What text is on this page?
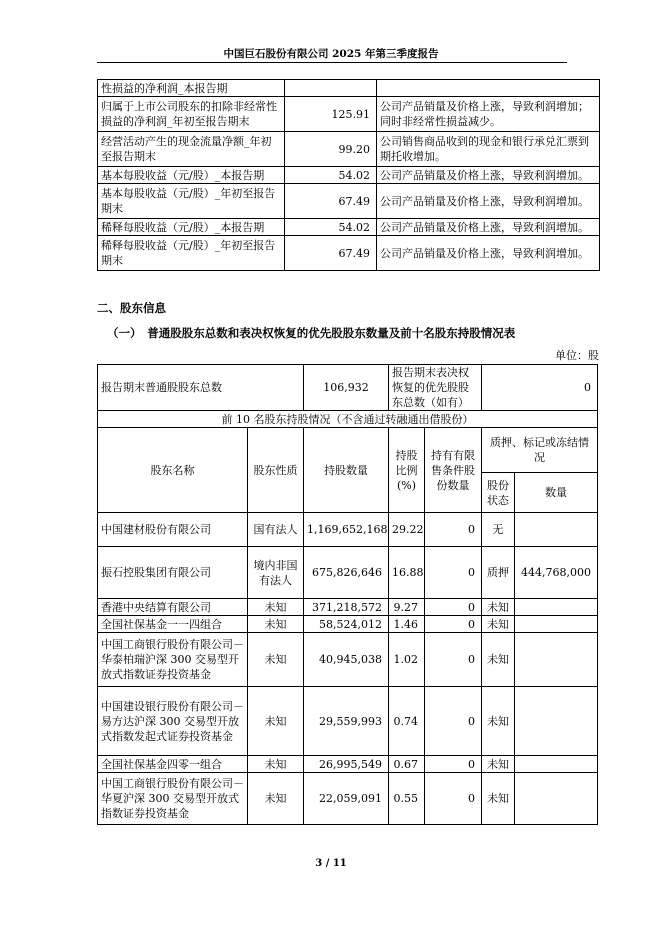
中国巨石股份有限公司 2025 年第三季度报告
性损益的净利润_本报告期		
归属于上市公司股东的扣除非经常性损益的净利润_年初至报告期末	125.91	公司产品销量及价格上涨，导致利润增加；同时非经常性损益减少。
经营活动产生的现金流量净额_年初至报告期末	99.20	公司销售商品收到的现金和银行承兑汇票到期托收增加。
基本每股收益（元/股）_本报告期	54.02	公司产品销量及价格上涨，导致利润增加。
基本每股收益（元/股）_年初至报告期末	67.49	公司产品销量及价格上涨，导致利润增加。
稀释每股收益（元/股）_本报告期	54.02	公司产品销量及价格上涨，导致利润增加。
稀释每股收益（元/股）_年初至报告期末	67.49	公司产品销量及价格上涨，导致利润增加。
二、股东信息
（一）　普通股股东总数和表决权恢复的优先股股东数量及前十名股东持股情况表
单位：股
报告期末普通股股东总数		106,932	报告期末表决权恢复的优先股股东总数（如有）		0	
前 10 名股东持股情况（不含通过转融通出借股份）						
股东名称	股东性质	持股数量	持股比例(%)	持有有限售条件股份数量	质押、标记或冻结情况	
					股份状态	数量
中国建材股份有限公司	国有法人	1,169,652,168	29.22	0	无	
振石控股集团有限公司	境内非国有法人	675,826,646	16.88	0	质押	444,768,000
香港中央结算有限公司	未知	371,218,572	9.27	0	未知	
全国社保基金一一四组合	未知	58,524,012	1.46	0	未知	
中国工商银行股份有限公司－华泰柏瑞沪深 300 交易型开放式指数证券投资基金	未知	40,945,038	1.02	0	未知	
中国建设银行股份有限公司－易方达沪深 300 交易型开放式指数发起式证券投资基金	未知	29,559,993	0.74	0	未知	
全国社保基金四零一组合	未知	26,995,549	0.67	0	未知	
中国工商银行股份有限公司－华夏沪深 300 交易型开放式指数证券投资基金	未知	22,059,091	0.55	0	未知	
3 / 11
